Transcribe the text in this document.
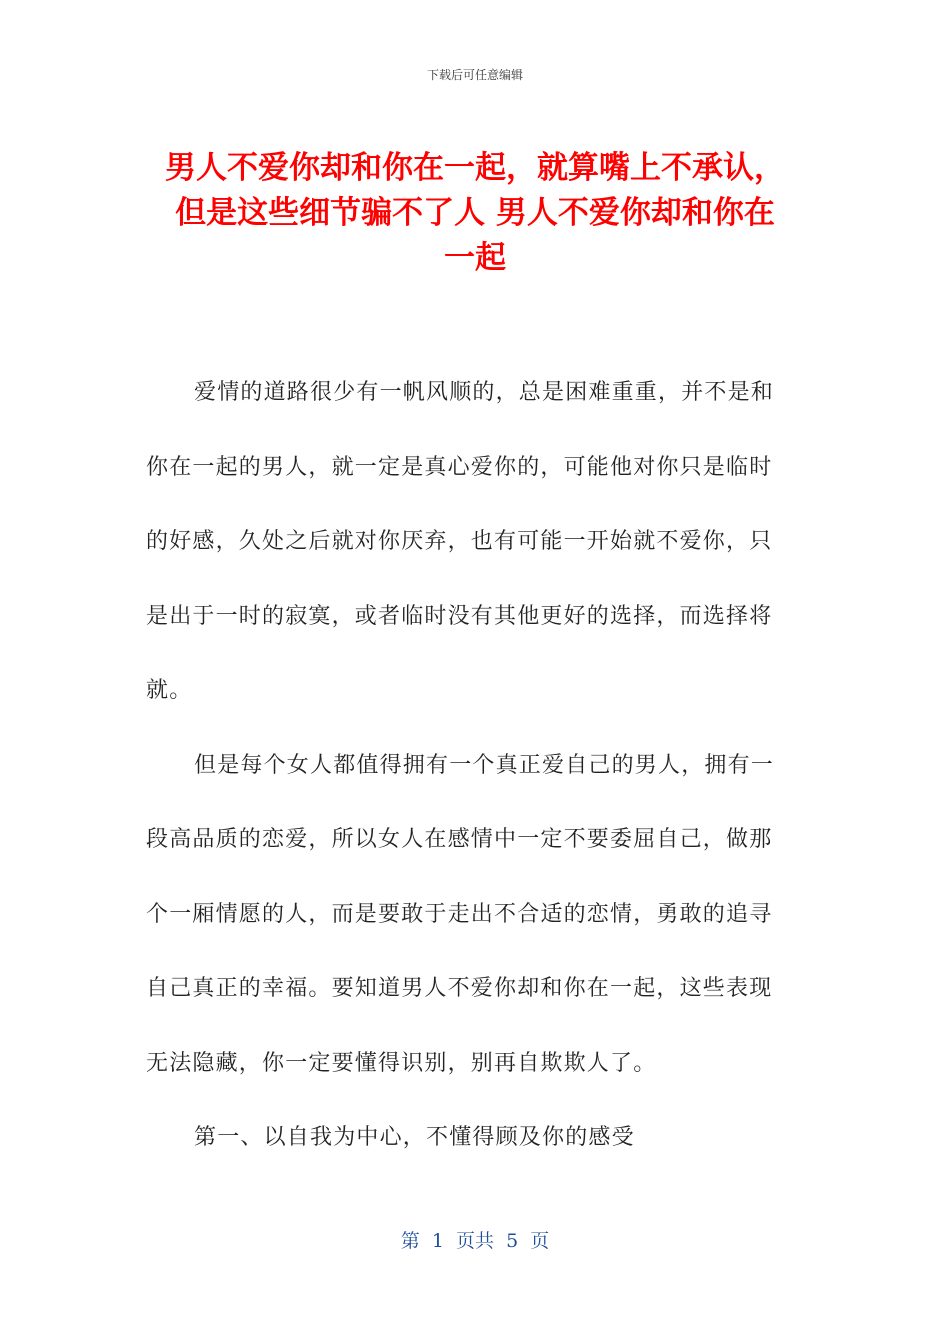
下载后可任意编辑
男人不爱你却和你在一起，就算嘴上不承认，
但是这些细节骗不了人 男人不爱你却和你在
一起
爱情的道路很少有一帆风顺的，总是困难重重，并不是和
你在一起的男人，就一定是真心爱你的，可能他对你只是临时
的好感，久处之后就对你厌弃，也有可能一开始就不爱你，只
是出于一时的寂寞，或者临时没有其他更好的选择，而选择将
就。
但是每个女人都值得拥有一个真正爱自己的男人，拥有一
段高品质的恋爱，所以女人在感情中一定不要委屈自己，做那
个一厢情愿的人，而是要敢于走出不合适的恋情，勇敢的追寻
自己真正的幸福。要知道男人不爱你却和你在一起，这些表现
无法隐藏，你一定要懂得识别，别再自欺欺人了。
第一、以自我为中心，不懂得顾及你的感受
第  1  页共  5  页
